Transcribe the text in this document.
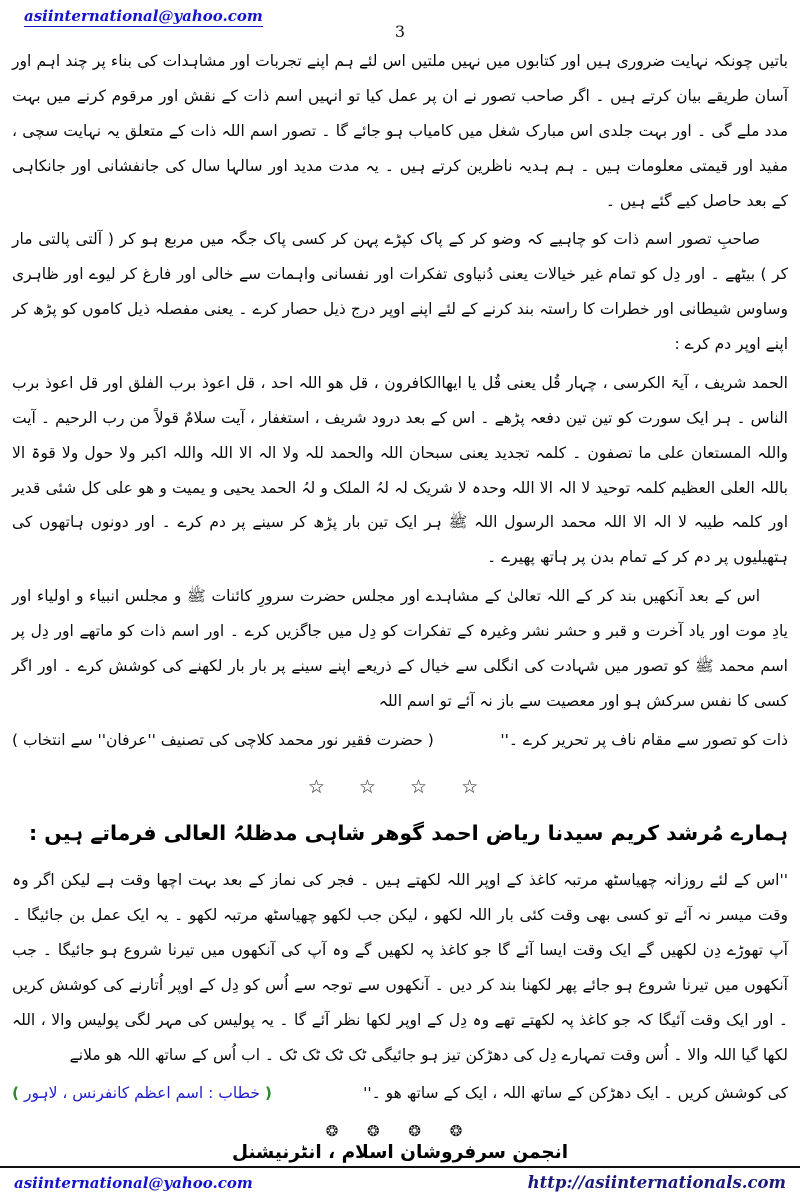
asiinternational@yahoo.com
3

باتیں چونکہ نہایت ضروری ہیں اور کتابوں میں نہیں ملتیں اس لئے ہم اپنے تجربات اور مشاہدات کی بناء پر چند اہم اور آسان طریقے بیان کرتے ہیں ۔ اگر صاحب تصور نے ان پر عمل کیا تو انہیں اسم ذات کے نقش اور مرقوم کرنے میں بہت مدد ملے گی ۔ اور بہت جلدی اس مبارک شغل میں کامیاب ہو جائے گا ۔ تصور اسم اللہ ذات کے متعلق یہ نہایت سچی ، مفید اور قیمتی معلومات ہیں ۔ ہم ہدیہ ناظرین کرتے ہیں ۔ یہ مدت مدید اور سالہا سال کی جانفشانی اور جانکاہی کے بعد حاصل کیے گئے ہیں ۔

صاحبِ تصور اسم ذات کو چاہیے کہ وضو کر کے پاک کپڑے پہن کر کسی پاک جگہ میں مربع ہو کر ( آلتی پالتی مار کر ) بیٹھے ۔ اور دِل کو تمام غیر خیالات یعنی دُنیاوی تفکرات اور نفسانی واہمات سے خالی اور فارغ کر لیوے اور ظاہری وساوس شیطانی اور خطرات کا راستہ بند کرنے کے لئے اپنے اوپر درج ذیل حصار کرے ۔ یعنی مفصلہ ذیل کاموں کو پڑھ کر اپنے اوپر دم کرے :

الحمد شریف ، آیۃ الکرسی ، چہار قُل یعنی قُل یا ایھاالکافرون ، قل ھو اللہ احد ، قل اعوذ برب الفلق اور قل اعوذ برب الناس ۔ ہر ایک سورت کو تین تین دفعہ پڑھے ۔ اس کے بعد درود شریف ، استغفار ، آیت سلامٌ قولاً من رب الرحیم ۔ آیت واللہ المستعان علی ما تصفون ۔ کلمہ تجدید یعنی سبحان اللہ والحمد للہ ولا الہ الا اللہ واللہ اکبر ولا حول ولا قوۃ الا باللہ العلی العظیم کلمہ توحید لا الہ الا اللہ وحدہ لا شریک لہ لہُ الملک و لہُ الحمد یحیی و یمیت و ھو علی کل شئی قدیر اور کلمہ طیبہ لا الہ الا اللہ محمد الرسول اللہ ﷺ ہر ایک تین بار پڑھ کر سینے پر دم کرے ۔ اور دونوں ہاتھوں کی ہتھیلیوں پر دم کر کے تمام بدن پر ہاتھ پھیرے ۔

اس کے بعد آنکھیں بند کر کے اللہ تعالیٰ کے مشاہدے اور مجلس حضرت سرورِ کائنات ﷺ و مجلس انبیاء و اولیاء اور یادِ موت اور یاد آخرت و قبر و حشر نشر وغیرہ کے تفکرات کو دِل میں جاگزیں کرے ۔ اور اسم ذات کو ماتھے اور دِل پر اسم محمد ﷺ کو تصور میں شہادت کی انگلی سے خیال کے ذریعے اپنے سینے پر بار بار لکھنے کی کوشش کرے ۔ اور اگر کسی کا نفس سرکش ہو اور معصیت سے باز نہ آئے تو اسم اللہ

ذات کو تصور سے مقام ناف پر تحریر کرے ۔''
( حضرت فقیر نور محمد کلاچی کی تصنیف ''عرفان'' سے انتخاب )
☆ ☆ ☆ ☆
ہمارے مُرشد کریم سیدنا ریاض احمد گوھر شاہی مدظلہُ العالی فرماتے ہیں :

''اس کے لئے روزانہ چھیاسٹھ مرتبہ کاغذ کے اوپر اللہ لکھتے ہیں ۔ فجر کی نماز کے بعد بہت اچھا وقت ہے لیکن اگر وہ وقت میسر نہ آئے تو کسی بھی وقت کئی بار اللہ لکھو ، لیکن جب لکھو چھیاسٹھ مرتبہ لکھو ۔ یہ ایک عمل بن جائیگا ۔ آپ تھوڑے دِن لکھیں گے ایک وقت ایسا آئے گا جو کاغذ پہ لکھیں گے وہ آپ کی آنکھوں میں تیرنا شروع ہو جائیگا ۔ جب آنکھوں میں تیرنا شروع ہو جائے پھر لکھنا بند کر دیں ۔ آنکھوں سے توجہ سے اُس کو دِل کے اوپر اُتارنے کی کوشش کریں ۔ اور ایک وقت آئیگا کہ جو کاغذ پہ لکھتے تھے وہ دِل کے اوپر لکھا نظر آئے گا ۔ یہ پولیس کی مہر لگی پولیس والا ، اللہ لکھا گیا اللہ والا ۔ اُس وقت تمہارے دِل کی دھڑکن تیز ہو جائیگی ٹک ٹک ٹک ٹک ۔ اب اُس کے ساتھ اللہ ھو ملانے

کی کوشش کریں ۔ ایک دھڑکن کے ساتھ اللہ ، ایک کے ساتھ ھو ۔''
( خطاب : اسم اعظم کانفرنس ، لاہور )
❂ ❂ ❂ ❂
انجمن سرفروشان اسلام ، انٹرنیشنل
asiinternational@yahoo.com	http://asiinternationals.com
